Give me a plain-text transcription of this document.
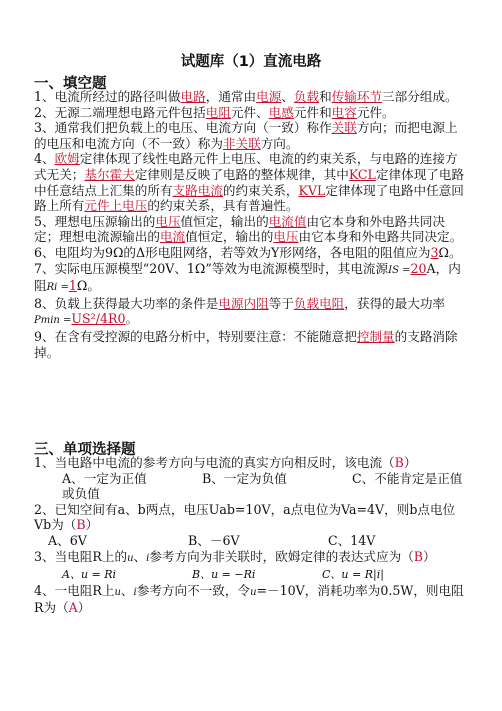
试题库（1）直流电路
一、填空题

1、电流所经过的路径叫做电路，通常由电源、负载和传输环节三部分组成。

2、无源二端理想电路元件包括电阻元件、电感元件和电容元件。

3、通常我们把负载上的电压、电流方向（一致）称作关联方向；而把电源上的电压和电流方向（不一致）称为非关联方向。

4、欧姆定律体现了线性电路元件上电压、电流的约束关系，与电路的连接方式无关；基尔霍夫定律则是反映了电路的整体规律，其中KCL定律体现了电路中任意结点上汇集的所有支路电流的约束关系，KVL定律体现了电路中任意回路上所有元件上电压的约束关系，具有普遍性。

5、理想电压源输出的电压值恒定，输出的电流值由它本身和外电路共同决定；理想电流源输出的电流值恒定，输出的电压由它本身和外电路共同决定。

6、电阻均为9Ω的Δ形电阻网络，若等效为Y形网络，各电阻的阻值应为3Ω。

7、实际电压源模型“20V、1Ω”等效为电流源模型时，其电流源IS =20A，内阻Ri =1Ω。

8、负载上获得最大功率的条件是电源内阻等于负载电阻，获得的最大功率Pmin =US²/4R0。

9、在含有受控源的电路分析中，特别要注意：不能随意把控制量的支路消除掉。

三、单项选择题

1、当电路中电流的参考方向与电流的真实方向相反时，该电流（B）

A、一定为正值	B、一定为负值	C、不能肯定是正值或负值

2、已知空间有a、b两点，电压Uab=10V，a点电位为Va=4V，则b点电位Vb为（B）

A、6V	B、－6V	C、14V

3、当电阻R上的u、i参考方向为非关联时，欧姆定律的表达式应为（B）

A、u = Ri	B、u = −Ri	C、u = R|i|

4、一电阻R上u、i参考方向不一致，令u=－10V，消耗功率为0.5W，则电阻R为（A）
